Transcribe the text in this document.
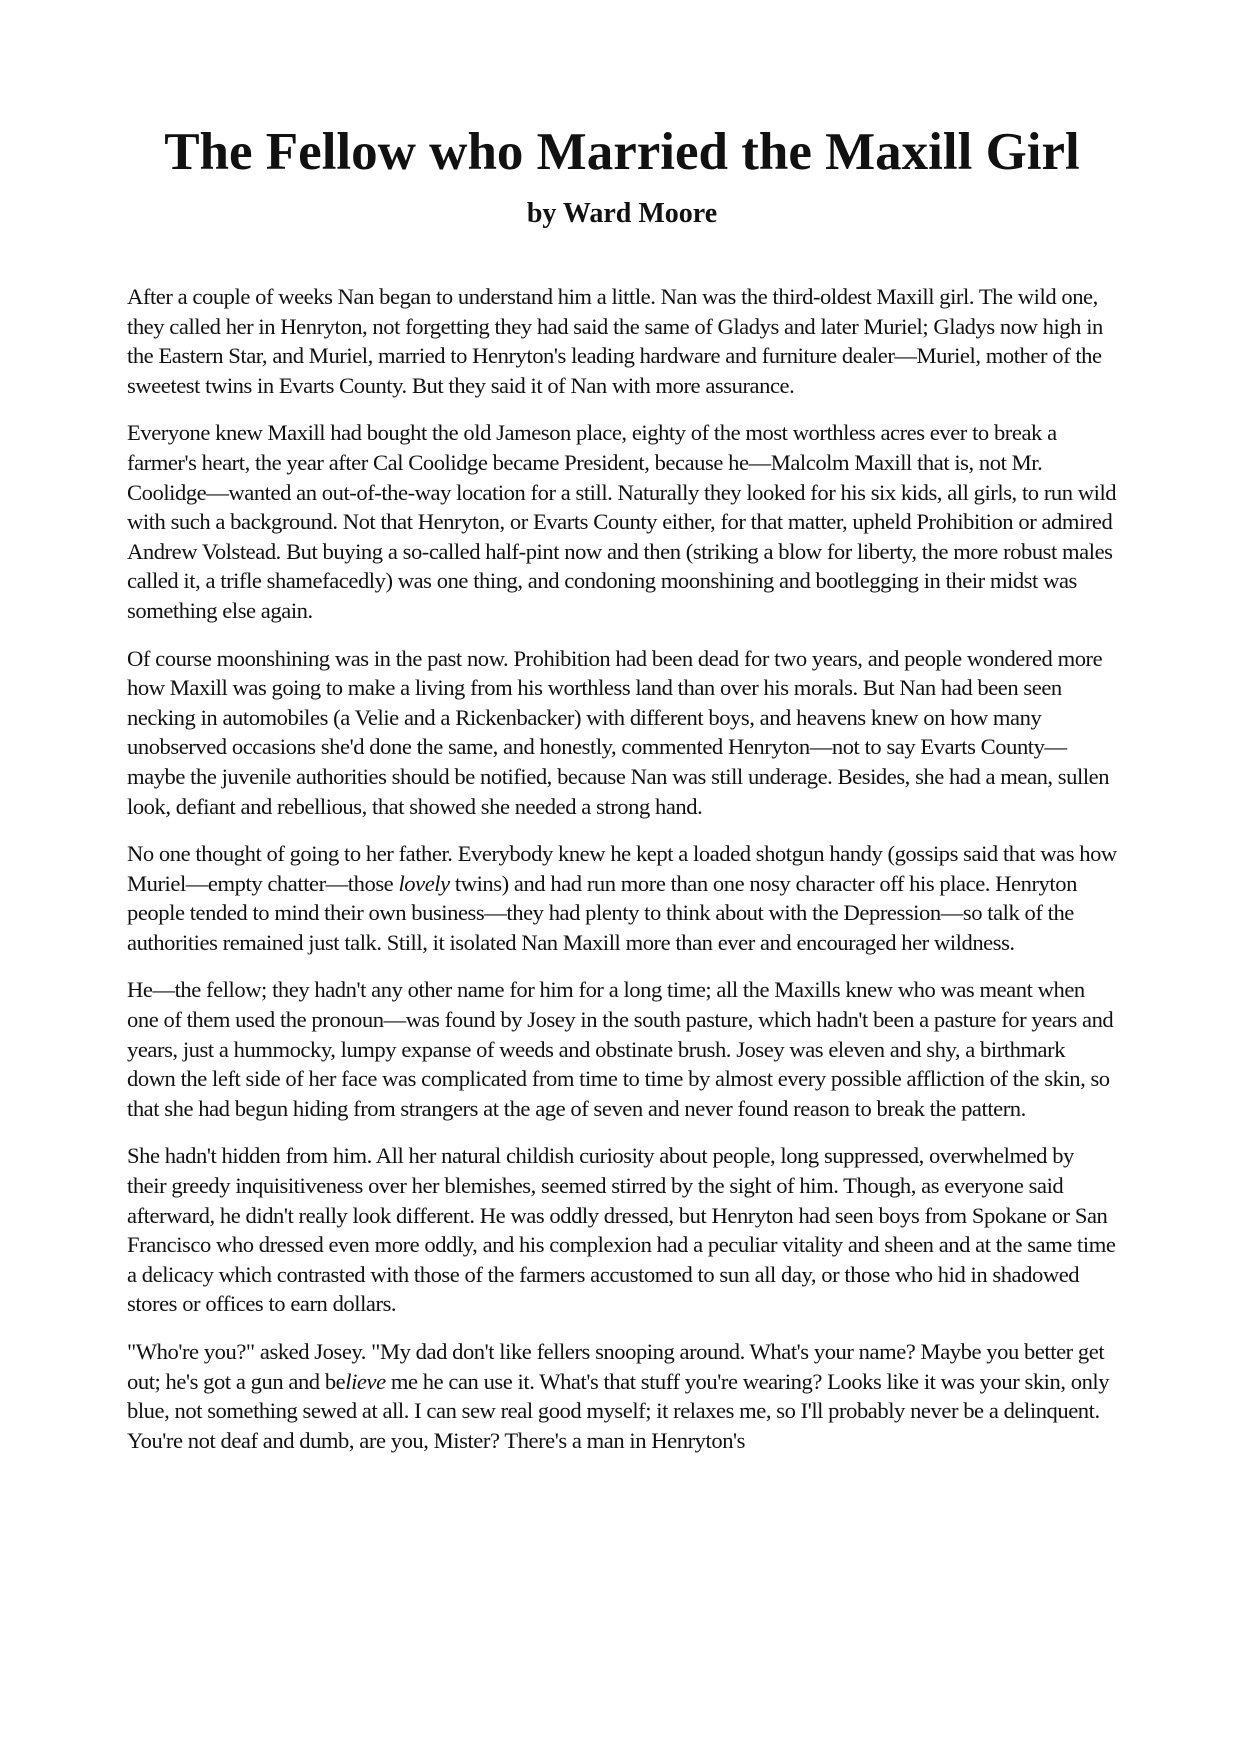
The Fellow who Married the Maxill Girl
by Ward Moore

After a couple of weeks Nan began to understand him a little. Nan was the third-oldest Maxill girl. The wild one, they called her in Henryton, not forgetting they had said the same of Gladys and later Muriel; Gladys now high in the Eastern Star, and Muriel, married to Henryton's leading hardware and furniture dealer—Muriel, mother of the sweetest twins in Evarts County. But they said it of Nan with more assurance.

Everyone knew Maxill had bought the old Jameson place, eighty of the most worthless acres ever to break a farmer's heart, the year after Cal Coolidge became President, because he—Malcolm Maxill that is, not Mr. Coolidge—wanted an out-of-the-way location for a still. Naturally they looked for his six kids, all girls, to run wild with such a background. Not that Henryton, or Evarts County either, for that matter, upheld Prohibition or admired Andrew Volstead. But buying a so-called half-pint now and then (striking a blow for liberty, the more robust males called it, a trifle shamefacedly) was one thing, and condoning moonshining and bootlegging in their midst was something else again.

Of course moonshining was in the past now. Prohibition had been dead for two years, and people wondered more how Maxill was going to make a living from his worthless land than over his morals. But Nan had been seen necking in automobiles (a Velie and a Rickenbacker) with different boys, and heavens knew on how many unobserved occasions she'd done the same, and honestly, commented Henryton—not to say Evarts County—maybe the juvenile authorities should be notified, because Nan was still underage. Besides, she had a mean, sullen look, defiant and rebellious, that showed she needed a strong hand.

No one thought of going to her father. Everybody knew he kept a loaded shotgun handy (gossips said that was how Muriel—empty chatter—those lovely twins) and had run more than one nosy character off his place. Henryton people tended to mind their own business—they had plenty to think about with the Depression—so talk of the authorities remained just talk. Still, it isolated Nan Maxill more than ever and encouraged her wildness.

He—the fellow; they hadn't any other name for him for a long time; all the Maxills knew who was meant when one of them used the pronoun—was found by Josey in the south pasture, which hadn't been a pasture for years and years, just a hummocky, lumpy expanse of weeds and obstinate brush. Josey was eleven and shy, a birthmark down the left side of her face was complicated from time to time by almost every possible affliction of the skin, so that she had begun hiding from strangers at the age of seven and never found reason to break the pattern.

She hadn't hidden from him. All her natural childish curiosity about people, long suppressed, overwhelmed by their greedy inquisitiveness over her blemishes, seemed stirred by the sight of him. Though, as everyone said afterward, he didn't really look different. He was oddly dressed, but Henryton had seen boys from Spokane or San Francisco who dressed even more oddly, and his complexion had a peculiar vitality and sheen and at the same time a delicacy which contrasted with those of the farmers accustomed to sun all day, or those who hid in shadowed stores or offices to earn dollars.

"Who're you?" asked Josey. "My dad don't like fellers snooping around. What's your name? Maybe you better get out; he's got a gun and believe me he can use it. What's that stuff you're wearing? Looks like it was your skin, only blue, not something sewed at all. I can sew real good myself; it relaxes me, so I'll probably never be a delinquent. You're not deaf and dumb, are you, Mister? There's a man in Henryton's
